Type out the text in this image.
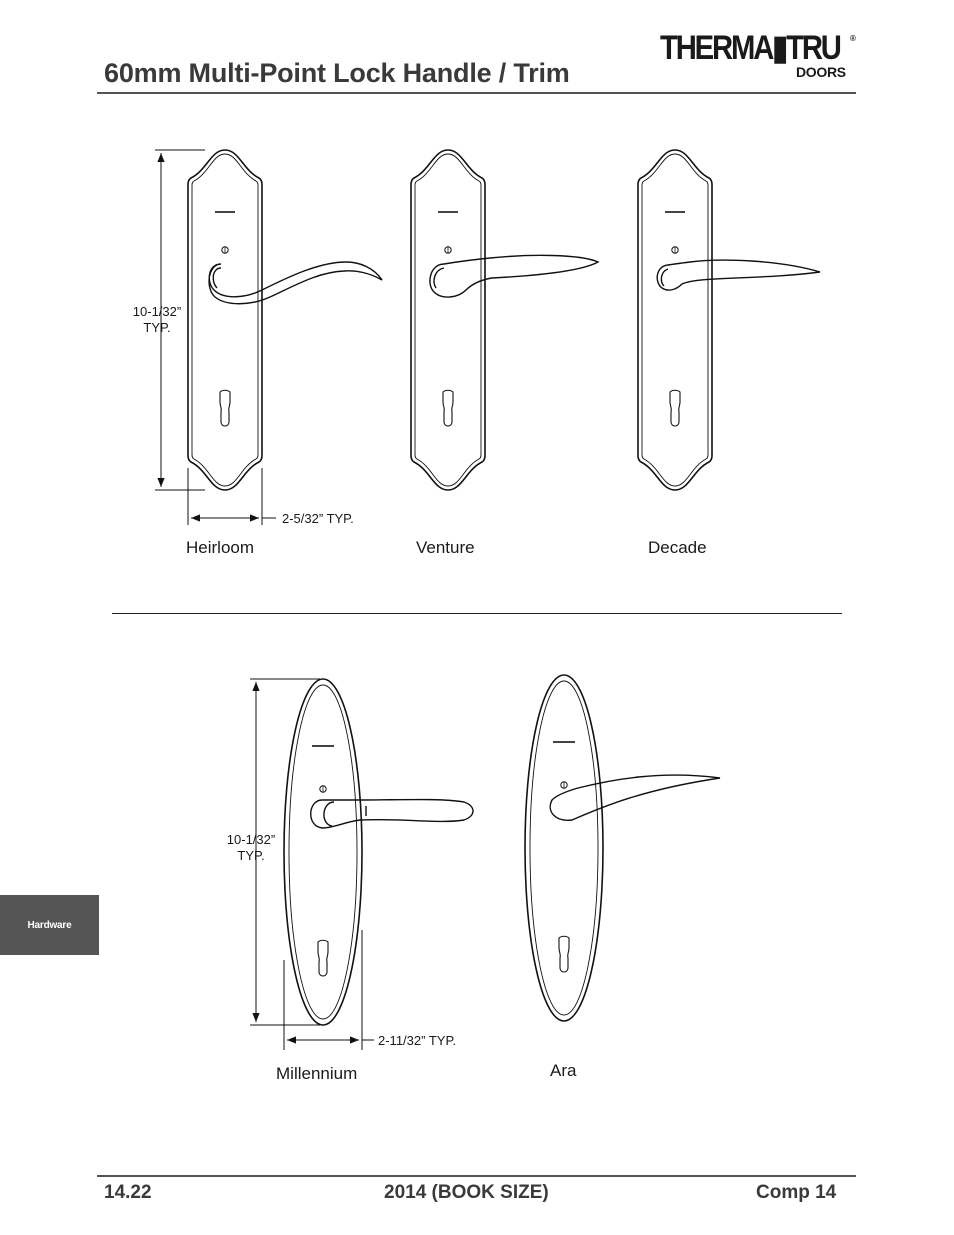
60mm Multi-Point Lock Handle / Trim
THERMA▮TRU ®
DOORS
10-1/32”
TYP.
2-5/32” TYP.
Heirloom	Venture	Decade
10-1/32”
TYP.
2-11/32” TYP.
Millennium	Ara
Hardware
14.22	2014 (BOOK SIZE)	Comp 14
